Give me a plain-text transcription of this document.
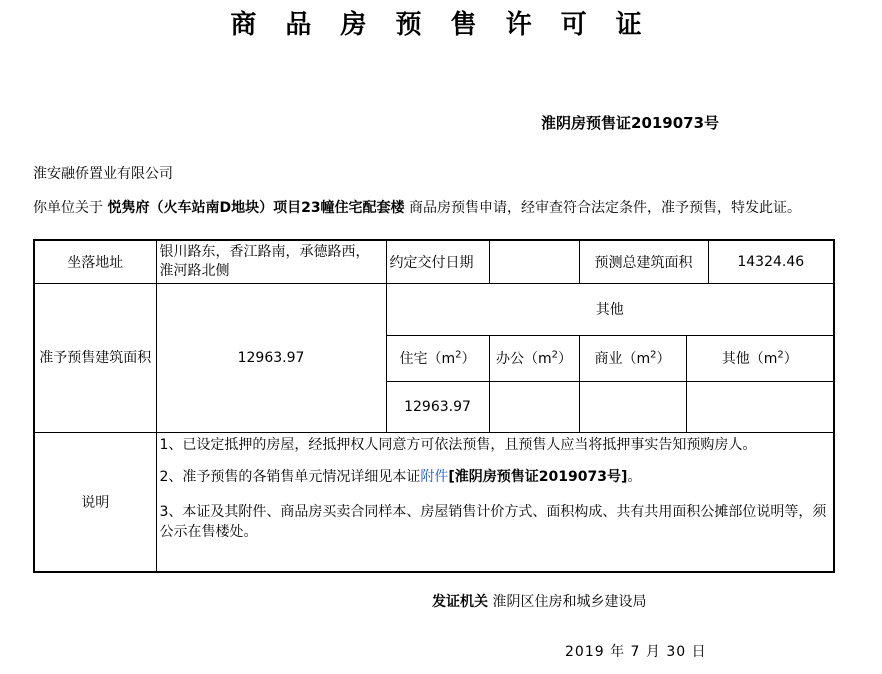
商 品 房 预 售 许 可 证
淮阴房预售证2019073号
淮安融侨置业有限公司
你单位关于 悦隽府（火车站南D地块）项目23幢住宅配套楼 商品房预售申请，经审查符合法定条件，准予预售，特发此证。
坐落地址	银川路东，香江路南，承德路西，淮河路北侧	约定交付日期		预测总建筑面积		14324.46
准予预售建筑面积	12963.97	其他				
		住宅$(m^2)$	办公$(m^2)$	商业$(m^2)$	其他$(m^2)$	
		12963.97				
说明	1、已设定抵押的房屋，经抵押权人同意方可依法预售，且预售人应当将抵押事实告知预购房人。

2、准予预售的各销售单元情况详细见本证附件[淮阴房预售证2019073号]。

3、本证及其附件、商品房买卖合同样本、房屋销售计价方式、面积构成、共有共用面积公摊部位说明等，须公示在售楼处。					

发证机关 淮阴区住房和城乡建设局
2019 年 7 月 30 日
